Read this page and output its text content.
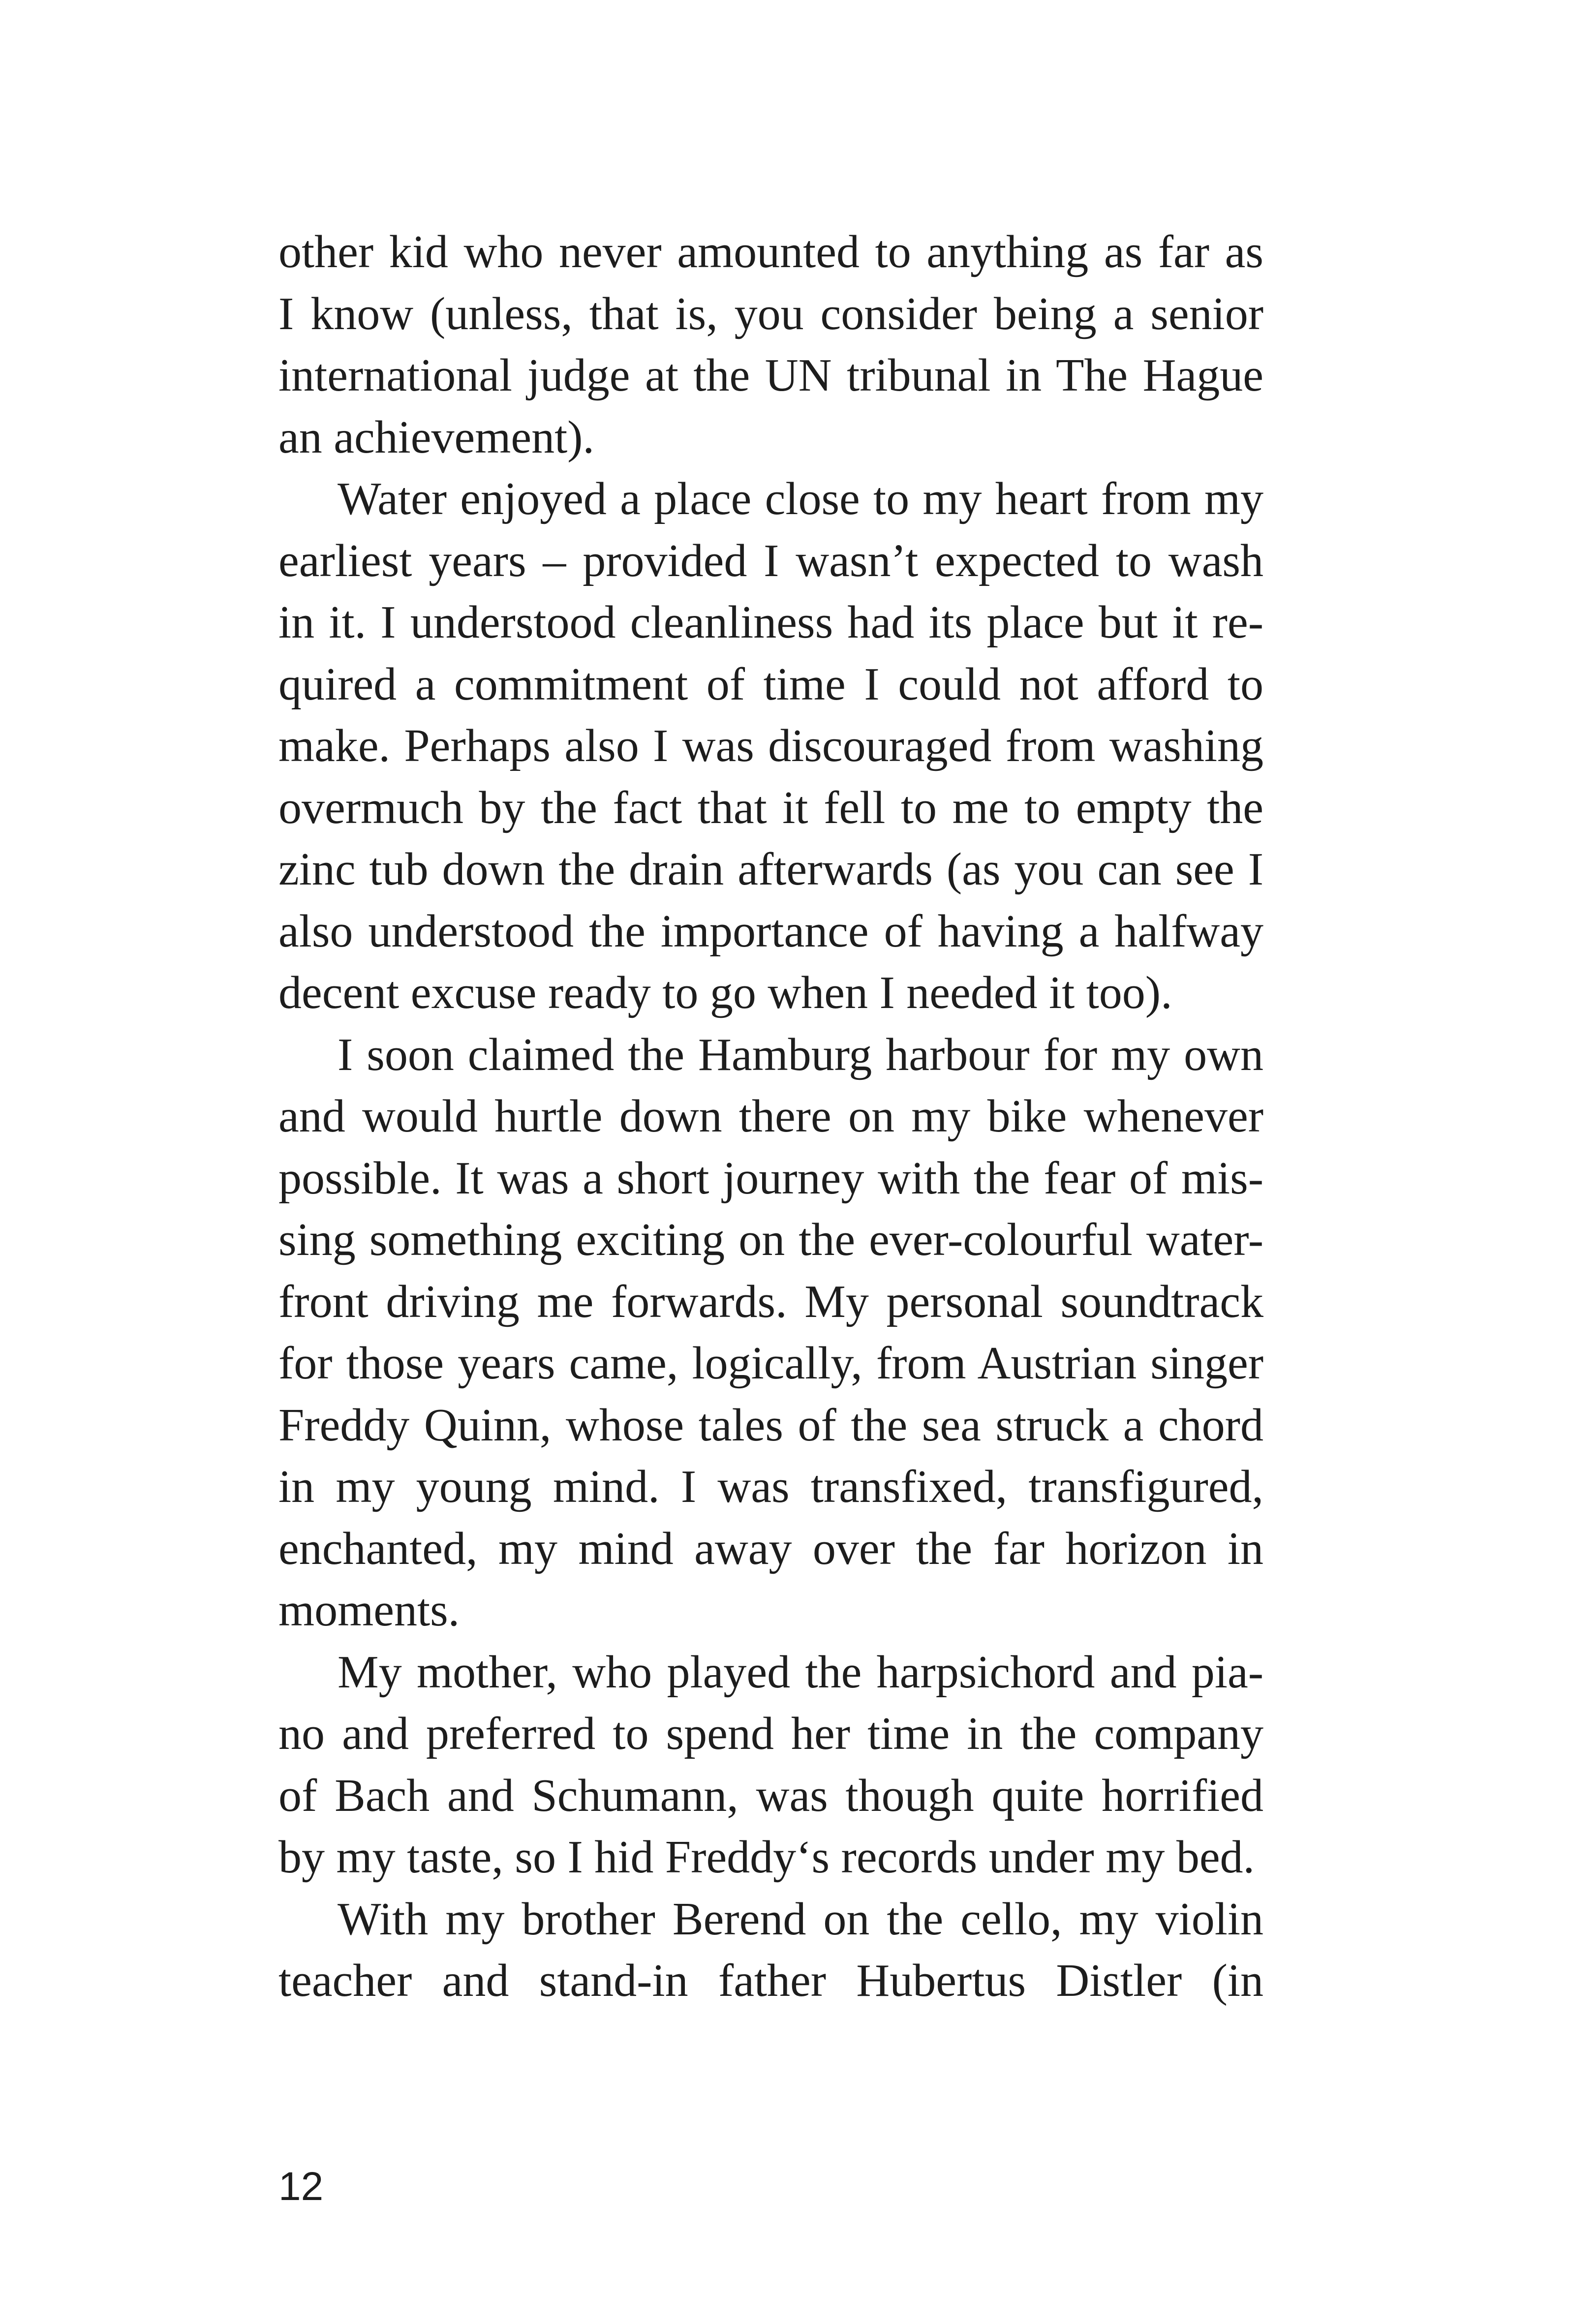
other kid who never amounted to anything as far as
I know (unless, that is, you consider being a senior
international judge at the UN tribunal in The Hague
an achievement).

Water enjoyed a place close to my heart from my
earliest years – provided I wasn’t expected to wash
in it. I understood cleanliness had its place but it re-
quired a commitment of time I could not afford to
make. Perhaps also I was discouraged from washing
overmuch by the fact that it fell to me to empty the
zinc tub down the drain afterwards (as you can see I
also understood the importance of having a halfway
decent excuse ready to go when I needed it too).

I soon claimed the Hamburg harbour for my own
and would hurtle down there on my bike whenever
possible. It was a short journey with the fear of mis-
sing something exciting on the ever-colourful water-
front driving me forwards. My personal soundtrack
for those years came, logically, from Austrian singer
Freddy Quinn, whose tales of the sea struck a chord
in my young mind. I was transfixed, transfigured,
enchanted, my mind away over the far horizon in
moments.

My mother, who played the harpsichord and pia-
no and preferred to spend her time in the company
of Bach and Schumann, was though quite horrified
by my taste, so I hid Freddy‘s records under my bed.

With my brother Berend on the cello, my violin
teacher and stand-in father Hubertus Distler (in

12
